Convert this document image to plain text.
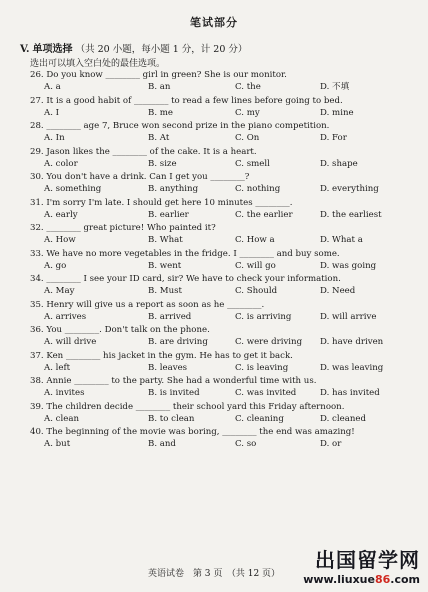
笔试部分
V. 单项选择 （共 20 小题，每小题 1 分，计 20 分）
选出可以填入空白处的最佳选项。
26. Do you know ________ girl in green? She is our monitor.
A. a	B. an	C. the	D. 不填
27. It is a good habit of ________ to read a few lines before going to bed.
A. I	B. me	C. my	D. mine
28. ________ age 7, Bruce won second prize in the piano competition.
A. In	B. At	C. On	D. For
29. Jason likes the ________ of the cake. It is a heart.
A. color	B. size	C. smell	D. shape
30. You don't have a drink. Can I get you ________?
A. something	B. anything	C. nothing	D. everything
31. I'm sorry I'm late. I should get here 10 minutes ________.
A. early	B. earlier	C. the earlier	D. the earliest
32. ________ great picture! Who painted it?
A. How	B. What	C. How a	D. What a
33. We have no more vegetables in the fridge. I ________ and buy some.
A. go	B. went	C. will go	D. was going
34. ________ I see your ID card, sir? We have to check your information.
A. May	B. Must	C. Should	D. Need
35. Henry will give us a report as soon as he ________.
A. arrives	B. arrived	C. is arriving	D. will arrive
36. You ________. Don't talk on the phone.
A. will drive	B. are driving	C. were driving D. have driven
37. Ken ________ his jacket in the gym. He has to get it back.
A. left	B. leaves	C. is leaving	D. was leaving
38. Annie ________ to the party. She had a wonderful time with us.
A. invites	B. is invited	C. was invited	D. has invited
39. The children decide ________ their school yard this Friday afternoon.
A. clean	B. to clean	C. cleaning	D. cleaned
40. The beginning of the movie was boring, ________ the end was amazing!
A. but	B. and	C. so	D. or
英语试卷　第 3 页　（共 12 页）
出国留学网
www.liuxue86.com
